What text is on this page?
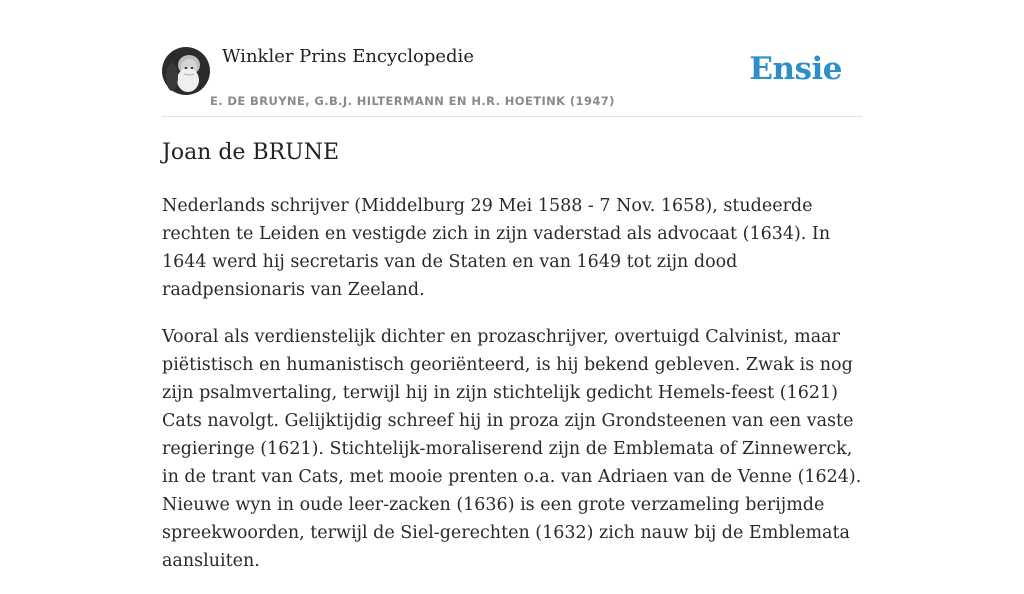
Winkler Prins Encyclopedie	Ensie
E. DE BRUYNE, G.B.J. HILTERMANN EN H.R. HOETINK (1947)
Joan de BRUNE

Nederlands schrijver (Middelburg 29 Mei 1588 - 7 Nov. 1658), studeerde rechten te Leiden en vestigde zich in zijn vaderstad als advocaat (1634). In 1644 werd hij secretaris van de Staten en van 1649 tot zijn dood raadpensionaris van Zeeland.

Vooral als verdienstelijk dichter en prozaschrijver, overtuigd Calvinist, maar piëtistisch en humanistisch georiënteerd, is hij bekend gebleven. Zwak is nog zijn psalmvertaling, terwijl hij in zijn stichtelijk gedicht Hemels-feest (1621) Cats navolgt. Gelijktijdig schreef hij in proza zijn Grondsteenen van een vaste regieringe (1621). Stichtelijk-moraliserend zijn de Emblemata of Zinnewerck, in de trant van Cats, met mooie prenten o.a. van Adriaen van de Venne (1624). Nieuwe wyn in oude leer-zacken (1636) is een grote verzameling berijmde spreekwoorden, terwijl de Siel-gerechten (1632) zich nauw bij de Emblemata aansluiten.
